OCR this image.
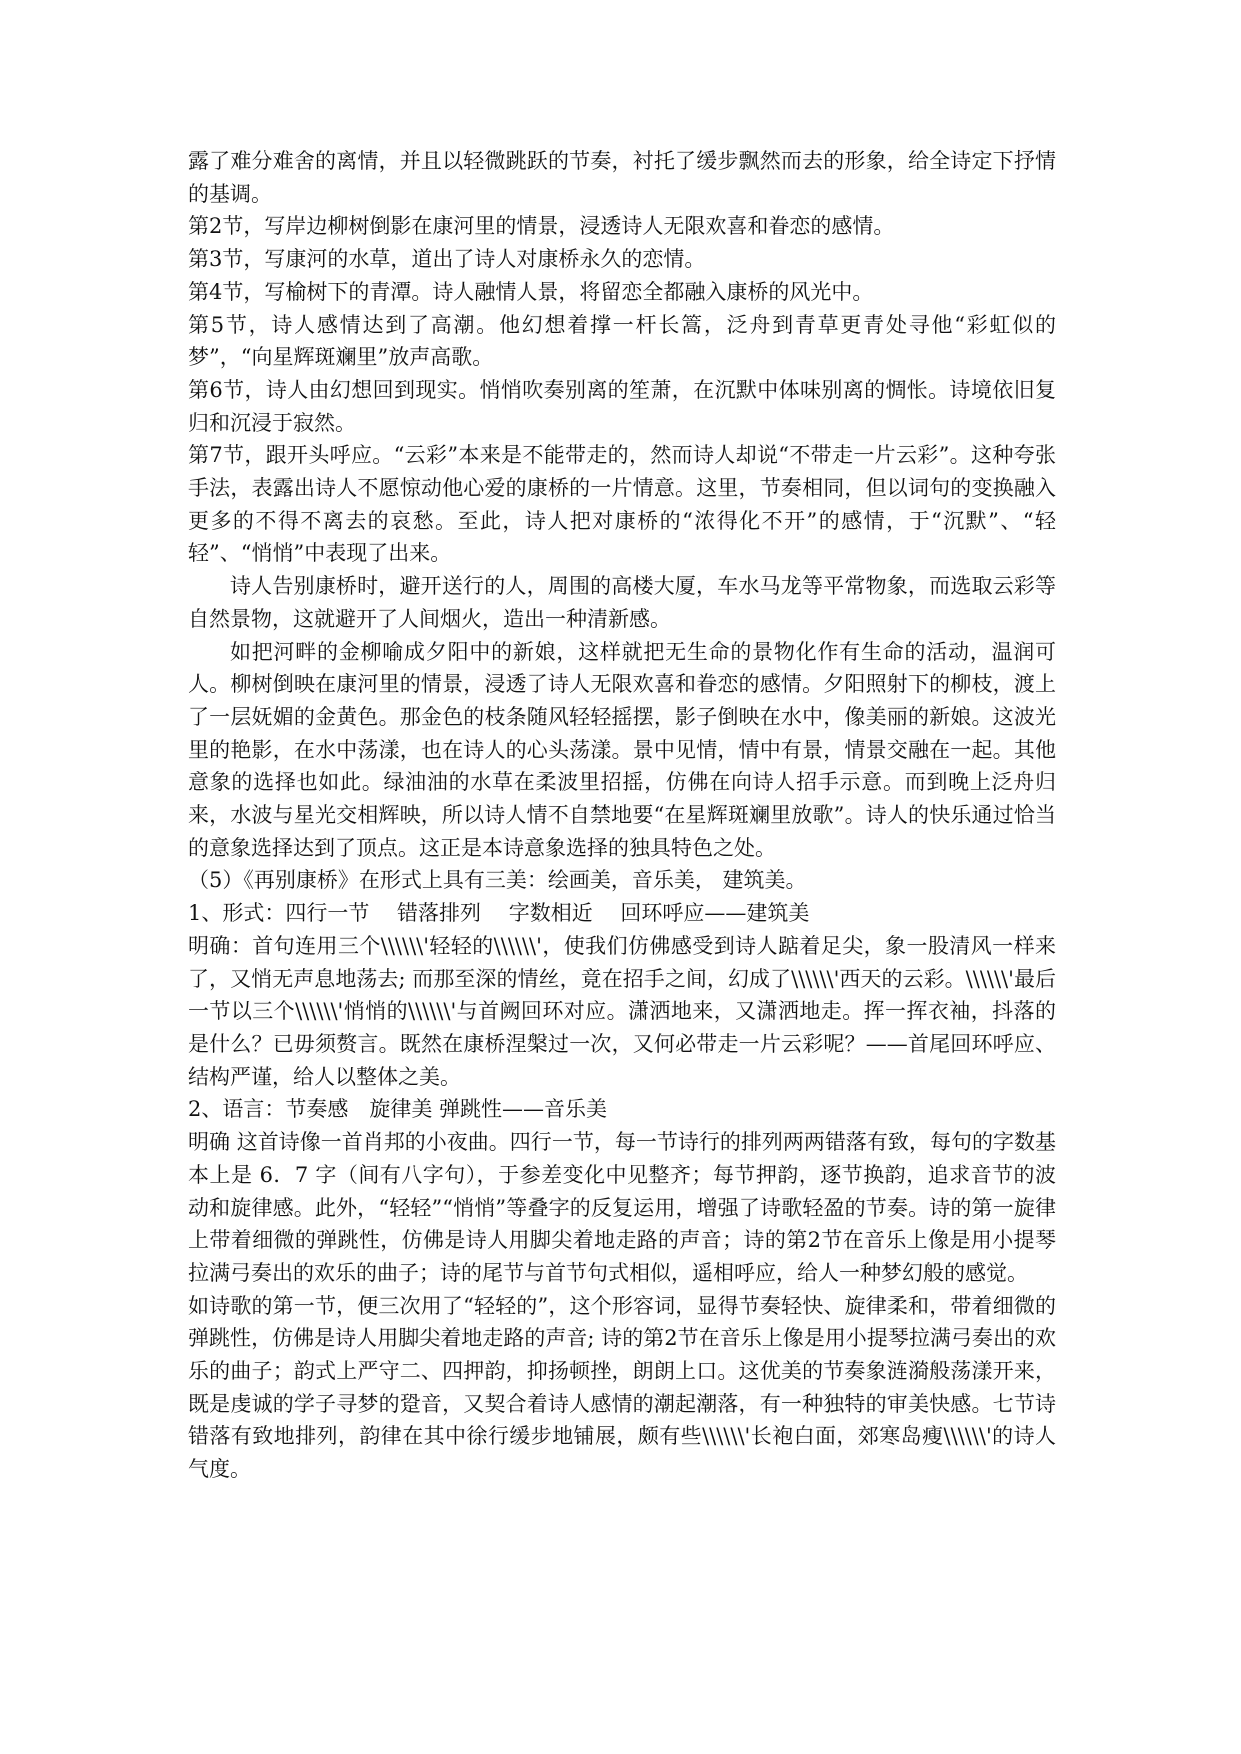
露了难分难舍的离情，并且以轻微跳跃的节奏，衬托了缓步飘然而去的形象，给全诗定下抒情的基调。

第2节，写岸边柳树倒影在康河里的情景，浸透诗人无限欢喜和眷恋的感情。

第3节，写康河的水草，道出了诗人对康桥永久的恋情。

第4节，写榆树下的青潭。诗人融情人景，将留恋全都融入康桥的风光中。

第5节，诗人感情达到了高潮。他幻想着撑一杆长篙，泛舟到青草更青处寻他“彩虹似的梦”，“向星辉斑斓里”放声高歌。

第6节，诗人由幻想回到现实。悄悄吹奏别离的笙萧，在沉默中体味别离的惆怅。诗境依旧复归和沉浸于寂然。

第7节，跟开头呼应。“云彩”本来是不能带走的，然而诗人却说“不带走一片云彩”。这种夸张手法，表露出诗人不愿惊动他心爱的康桥的一片情意。这里，节奏相同，但以词句的变换融入更多的不得不离去的哀愁。至此，诗人把对康桥的“浓得化不开”的感情，于“沉默”、“轻轻”、“悄悄”中表现了出来。

诗人告别康桥时，避开送行的人，周围的高楼大厦，车水马龙等平常物象，而选取云彩等自然景物，这就避开了人间烟火，造出一种清新感。

如把河畔的金柳喻成夕阳中的新娘，这样就把无生命的景物化作有生命的活动，温润可人。柳树倒映在康河里的情景，浸透了诗人无限欢喜和眷恋的感情。夕阳照射下的柳枝，渡上了一层妩媚的金黄色。那金色的枝条随风轻轻摇摆，影子倒映在水中，像美丽的新娘。这波光里的艳影，在水中荡漾，也在诗人的心头荡漾。景中见情，情中有景，情景交融在一起。其他意象的选择也如此。绿油油的水草在柔波里招摇，仿佛在向诗人招手示意。而到晚上泛舟归来，水波与星光交相辉映，所以诗人情不自禁地要“在星辉斑斓里放歌”。诗人的快乐通过恰当的意象选择达到了顶点。这正是本诗意象选择的独具特色之处。

（5）《再别康桥》在形式上具有三美：绘画美，音乐美， 建筑美。

1、形式：四行一节　 错落排列　 字数相近　 回环呼应——建筑美

明确：首句连用三个\\\\\\'轻轻的\\\\\\'，使我们仿佛感受到诗人踮着足尖，象一股清风一样来了，又悄无声息地荡去; 而那至深的情丝，竟在招手之间，幻成了\\\\\\'西天的云彩。\\\\\\'最后一节以三个\\\\\\'悄悄的\\\\\\'与首阙回环对应。潇洒地来，又潇洒地走。挥一挥衣袖，抖落的是什么？已毋须赘言。既然在康桥涅槃过一次，又何必带走一片云彩呢？——首尾回环呼应、结构严谨，给人以整体之美。

2、语言：节奏感　旋律美 弹跳性——音乐美

明确 这首诗像一首肖邦的小夜曲。四行一节，每一节诗行的排列两两错落有致，每句的字数基本上是 6．7 字（间有八字句），于参差变化中见整齐；每节押韵，逐节换韵，追求音节的波动和旋律感。此外，“轻轻”“悄悄”等叠字的反复运用，增强了诗歌轻盈的节奏。诗的第一旋律上带着细微的弹跳性，仿佛是诗人用脚尖着地走路的声音；诗的第2节在音乐上像是用小提琴拉满弓奏出的欢乐的曲子；诗的尾节与首节句式相似，遥相呼应，给人一种梦幻般的感觉。

如诗歌的第一节，便三次用了“轻轻的”，这个形容词，显得节奏轻快、旋律柔和，带着细微的弹跳性，仿佛是诗人用脚尖着地走路的声音; 诗的第2节在音乐上像是用小提琴拉满弓奏出的欢乐的曲子；韵式上严守二、四押韵，抑扬顿挫，朗朗上口。这优美的节奏象涟漪般荡漾开来，既是虔诚的学子寻梦的跫音，又契合着诗人感情的潮起潮落，有一种独特的审美快感。七节诗错落有致地排列，韵律在其中徐行缓步地铺展，颇有些\\\\\\'长袍白面，郊寒岛瘦\\\\\\'的诗人气度。
